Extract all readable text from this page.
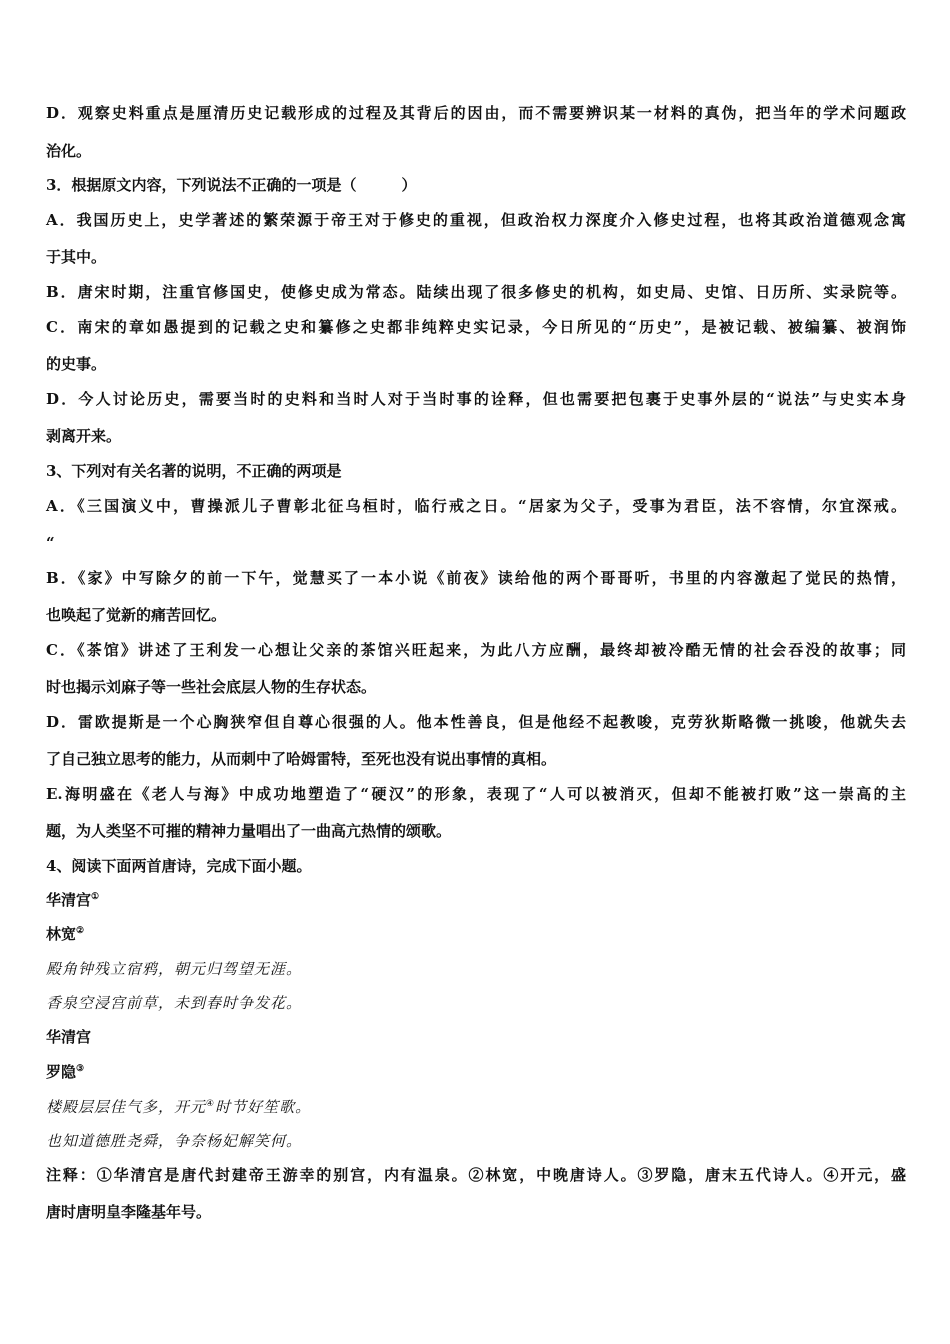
D．观察史料重点是厘清历史记载形成的过程及其背后的因由，而不需要辨识某一材料的真伪，把当年的学术问题政
治化。
3．根据原文内容，下列说法不正确的一项是（　　　）
A．我国历史上，史学著述的繁荣源于帝王对于修史的重视，但政治权力深度介入修史过程，也将其政治道德观念寓
于其中。
B．唐宋时期，注重官修国史，使修史成为常态。陆续出现了很多修史的机构，如史局、史馆、日历所、实录院等。
C．南宋的章如愚提到的记载之史和纂修之史都非纯粹史实记录，今日所见的“历史”，是被记载、被编纂、被润饰
的史事。
D．今人讨论历史，需要当时的史料和当时人对于当时事的诠释，但也需要把包裹于史事外层的“说法”与史实本身
剥离开来。
3、下列对有关名著的说明，不正确的两项是
A．《三国演义中，曹操派儿子曹彰北征乌桓时，临行戒之日。“居家为父子，受事为君臣，法不容情，尔宜深戒。
“
B．《家》中写除夕的前一下午，觉慧买了一本小说《前夜》读给他的两个哥哥听，书里的内容激起了觉民的热情，
也唤起了觉新的痛苦回忆。
C．《茶馆》讲述了王利发一心想让父亲的茶馆兴旺起来，为此八方应酬，最终却被冷酷无情的社会吞没的故事；同
时也揭示刘麻子等一些社会底层人物的生存状态。
D．雷欧提斯是一个心胸狭窄但自尊心很强的人。他本性善良，但是他经不起教唆，克劳狄斯略微一挑唆，他就失去
了自己独立思考的能力，从而刺中了哈姆雷特，至死也没有说出事情的真相。
E.海明盛在《老人与海》中成功地塑造了“硬汉”的形象，表现了“人可以被消灭，但却不能被打败”这一崇高的主
题，为人类坚不可摧的精神力量唱出了一曲高亢热情的颂歌。
4、阅读下面两首唐诗，完成下面小题。
华清宫①
林宽②
殿角钟残立宿鸦，朝元归驾望无涯。
香泉空浸宫前草，未到春时争发花。
华清宫
罗隐③
楼殿层层佳气多，开元④时节好笙歌。
也知道德胜尧舜，争奈杨妃解笑何。
注释：①华清宫是唐代封建帝王游幸的别宫，内有温泉。②林宽，中晚唐诗人。③罗隐，唐末五代诗人。④开元，盛
唐时唐明皇李隆基年号。
